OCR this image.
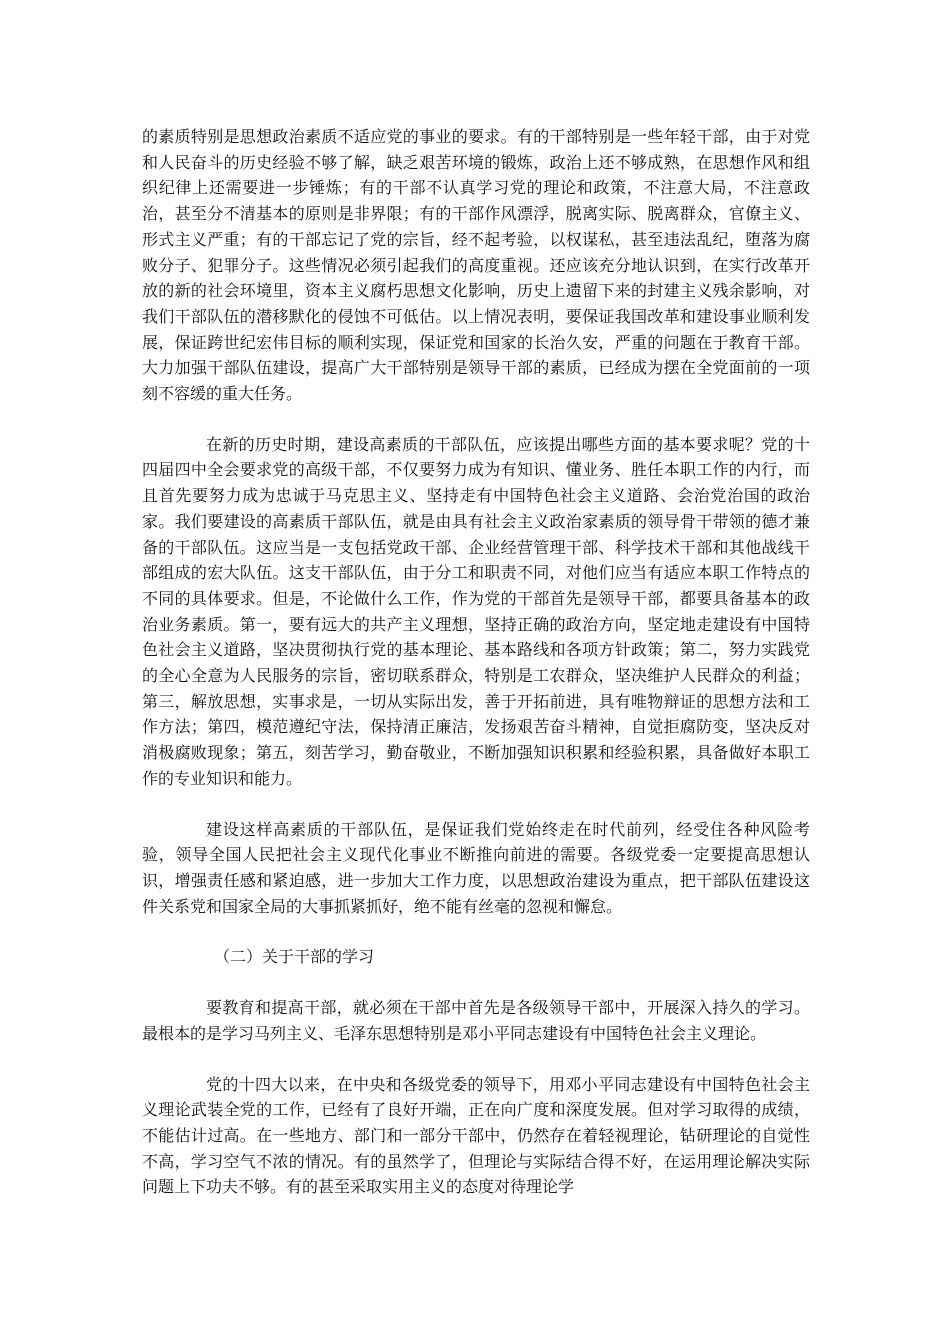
的素质特别是思想政治素质不适应党的事业的要求。有的干部特别是一些年轻干部，由于对党和人民奋斗的历史经验不够了解，缺乏艰苦环境的锻炼，政治上还不够成熟，在思想作风和组织纪律上还需要进一步锤炼；有的干部不认真学习党的理论和政策，不注意大局，不注意政治，甚至分不清基本的原则是非界限；有的干部作风漂浮，脱离实际、脱离群众，官僚主义、形式主义严重；有的干部忘记了党的宗旨，经不起考验，以权谋私，甚至违法乱纪，堕落为腐败分子、犯罪分子。这些情况必须引起我们的高度重视。还应该充分地认识到，在实行改革开放的新的社会环境里，资本主义腐朽思想文化影响，历史上遗留下来的封建主义残余影响，对我们干部队伍的潜移默化的侵蚀不可低估。以上情况表明，要保证我国改革和建设事业顺利发展，保证跨世纪宏伟目标的顺利实现，保证党和国家的长治久安，严重的问题在于教育干部。大力加强干部队伍建设，提高广大干部特别是领导干部的素质，已经成为摆在全党面前的一项刻不容缓的重大任务。

在新的历史时期，建设高素质的干部队伍，应该提出哪些方面的基本要求呢？党的十四届四中全会要求党的高级干部，不仅要努力成为有知识、懂业务、胜任本职工作的内行，而且首先要努力成为忠诚于马克思主义、坚持走有中国特色社会主义道路、会治党治国的政治家。我们要建设的高素质干部队伍，就是由具有社会主义政治家素质的领导骨干带领的德才兼备的干部队伍。这应当是一支包括党政干部、企业经营管理干部、科学技术干部和其他战线干部组成的宏大队伍。这支干部队伍，由于分工和职责不同，对他们应当有适应本职工作特点的不同的具体要求。但是，不论做什么工作，作为党的干部首先是领导干部，都要具备基本的政治业务素质。第一，要有远大的共产主义理想，坚持正确的政治方向，坚定地走建设有中国特色社会主义道路，坚决贯彻执行党的基本理论、基本路线和各项方针政策；第二，努力实践党的全心全意为人民服务的宗旨，密切联系群众，特别是工农群众，坚决维护人民群众的利益；第三，解放思想，实事求是，一切从实际出发，善于开拓前进，具有唯物辩证的思想方法和工作方法；第四，模范遵纪守法，保持清正廉洁，发扬艰苦奋斗精神，自觉拒腐防变，坚决反对消极腐败现象；第五，刻苦学习，勤奋敬业，不断加强知识积累和经验积累，具备做好本职工作的专业知识和能力。

建设这样高素质的干部队伍，是保证我们党始终走在时代前列，经受住各种风险考验，领导全国人民把社会主义现代化事业不断推向前进的需要。各级党委一定要提高思想认识，增强责任感和紧迫感，进一步加大工作力度，以思想政治建设为重点，把干部队伍建设这件关系党和国家全局的大事抓紧抓好，绝不能有丝毫的忽视和懈怠。

（二）关于干部的学习

要教育和提高干部，就必须在干部中首先是各级领导干部中，开展深入持久的学习。最根本的是学习马列主义、毛泽东思想特别是邓小平同志建设有中国特色社会主义理论。

党的十四大以来，在中央和各级党委的领导下，用邓小平同志建设有中国特色社会主义理论武装全党的工作，已经有了良好开端，正在向广度和深度发展。但对学习取得的成绩，不能估计过高。在一些地方、部门和一部分干部中，仍然存在着轻视理论，钻研理论的自觉性不高，学习空气不浓的情况。有的虽然学了，但理论与实际结合得不好，在运用理论解决实际问题上下功夫不够。有的甚至采取实用主义的态度对待理论学
